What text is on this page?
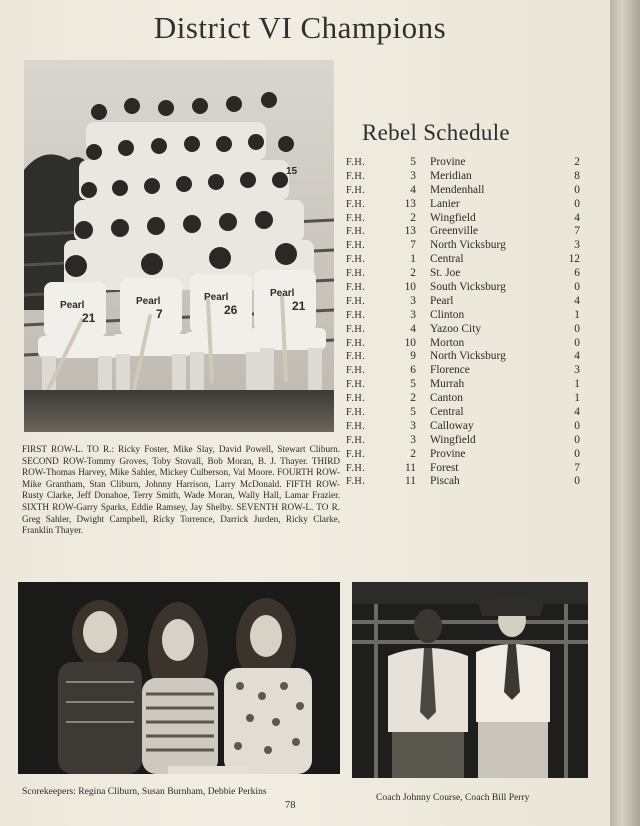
District VI Champions
Pearl	Pearl	Pearl	Pearl
21	7	26	21
15

FIRST ROW-L. TO R.: Ricky Foster, Mike Slay, David Powell, Stewart Cliburn. SECOND ROW-Tommy Groves, Toby Stovall, Bob Moran, B. J. Thayer. THIRD ROW-Thomas Harvey, Mike Sahler, Mickey Culberson, Val Moore. FOURTH ROW-Mike Grantham, Stan Cliburn, Johnny Harrison, Larry McDonald. FIFTH ROW-Rusty Clarke, Jeff Donahoe, Terry Smith, Wade Moran, Wally Hall, Lamar Frazier. SIXTH ROW-Garry Sparks, Eddie Ramsey, Jay Shelby. SEVENTH ROW-L. TO R. Greg Sahler, Dwight Campbell, Ricky Torrence, Darrick Jurden, Ricky Clarke, Franklin Thayer.

Rebel Schedule
F.H.	5 Provine	2
F.H.	3 Meridian	8
F.H.	4 Mendenhall	0
F.H.	13 Lanier	0
F.H.	2 Wingfield	4
F.H.	13 Greenville	7
F.H.	7 North Vicksburg	3
F.H.	1 Central	12
F.H.	2 St. Joe	6
F.H.	10 South Vicksburg	0
F.H.	3 Pearl	4
F.H.	3 Clinton	1
F.H.	4 Yazoo City	0
F.H.	10 Morton	0
F.H.	9 North Vicksburg	4
F.H.	6 Florence	3
F.H.	5 Murrah	1
F.H.	2 Canton	1
F.H.	5 Central	4
F.H.	3 Calloway	0
F.H.	3 Wingfield	0
F.H.	2 Provine	0
F.H.	11 Forest	7
F.H.	11 Piscah	0

Scorekeepers: Regina Cliburn, Susan Burnham, Debbie Perkins

Coach Johnny Course, Coach Bill Perry

78
